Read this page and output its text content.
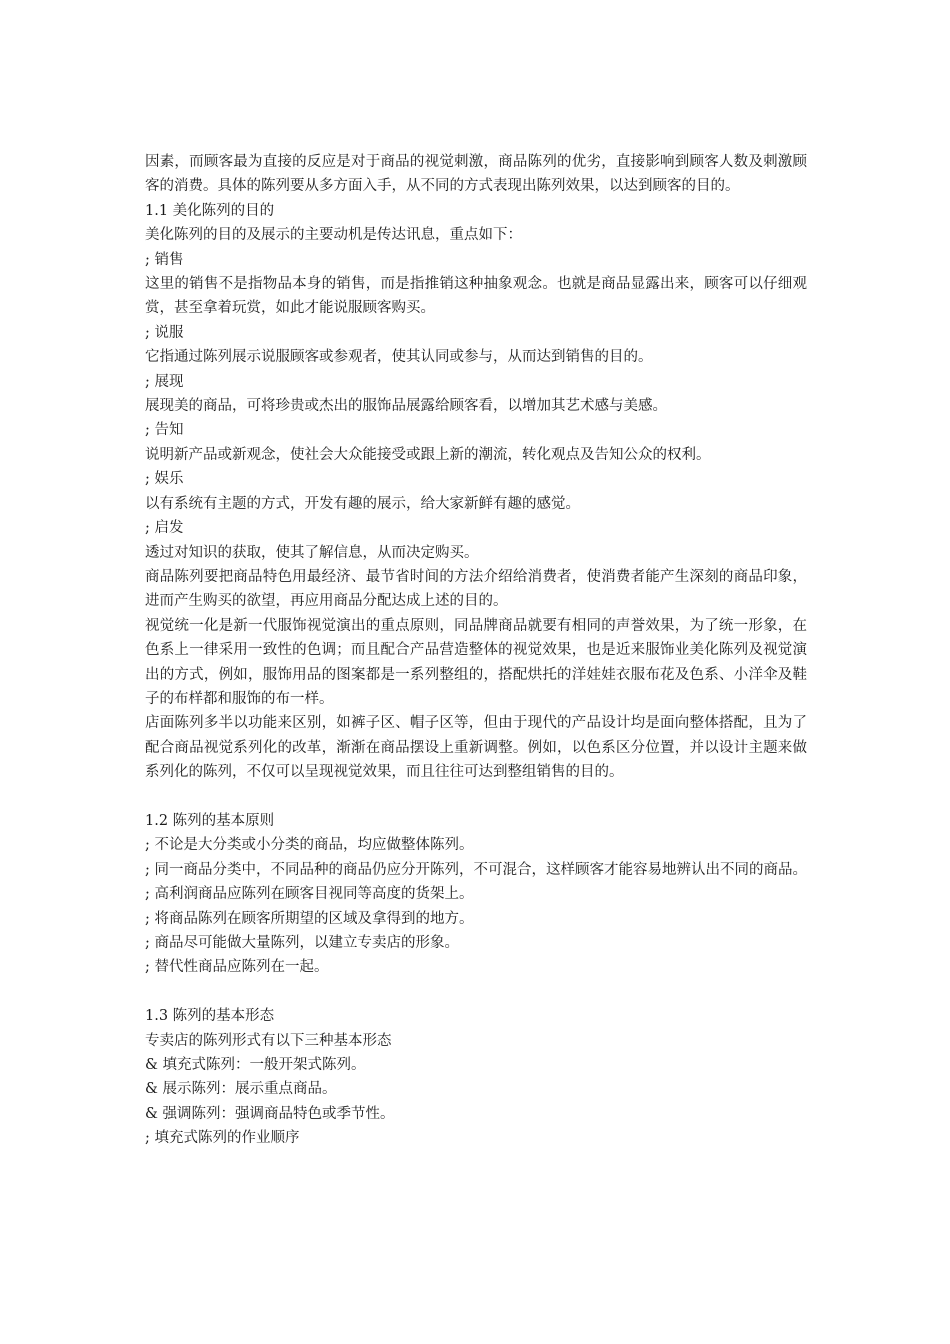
因素，而顾客最为直接的反应是对于商品的视觉刺激，商品陈列的优劣，直接影响到顾客人数及刺激顾客的消费。具体的陈列要从多方面入手，从不同的方式表现出陈列效果，以达到顾客的目的。

1.1 美化陈列的目的

美化陈列的目的及展示的主要动机是传达讯息，重点如下：

; 销售

这里的销售不是指物品本身的销售，而是指推销这种抽象观念。也就是商品显露出来，顾客可以仔细观赏，甚至拿着玩赏，如此才能说服顾客购买。

; 说服

它指通过陈列展示说服顾客或参观者，使其认同或参与，从而达到销售的目的。

; 展现

展现美的商品，可将珍贵或杰出的服饰品展露给顾客看，以增加其艺术感与美感。

; 告知

说明新产品或新观念，使社会大众能接受或跟上新的潮流，转化观点及告知公众的权利。

; 娱乐

以有系统有主题的方式，开发有趣的展示，给大家新鲜有趣的感觉。

; 启发

透过对知识的获取，使其了解信息，从而决定购买。

商品陈列要把商品特色用最经济、最节省时间的方法介绍给消费者，使消费者能产生深刻的商品印象，进而产生购买的欲望，再应用商品分配达成上述的目的。

视觉统一化是新一代服饰视觉演出的重点原则，同品牌商品就要有相同的声誉效果，为了统一形象，在色系上一律采用一致性的色调；而且配合产品营造整体的视觉效果，也是近来服饰业美化陈列及视觉演出的方式，例如，服饰用品的图案都是一系列整组的，搭配烘托的洋娃娃衣服布花及色系、小洋伞及鞋子的布样都和服饰的布一样。

店面陈列多半以功能来区别，如裤子区、帽子区等，但由于现代的产品设计均是面向整体搭配，且为了配合商品视觉系列化的改革，渐渐在商品摆设上重新调整。例如，以色系区分位置，并以设计主题来做系列化的陈列，不仅可以呈现视觉效果，而且往往可达到整组销售的目的。

1.2 陈列的基本原则

; 不论是大分类或小分类的商品，均应做整体陈列。

; 同一商品分类中，不同品种的商品仍应分开陈列，不可混合，这样顾客才能容易地辨认出不同的商品。

; 高利润商品应陈列在顾客目视同等高度的货架上。

; 将商品陈列在顾客所期望的区域及拿得到的地方。

; 商品尽可能做大量陈列，以建立专卖店的形象。

; 替代性商品应陈列在一起。

1.3 陈列的基本形态

专卖店的陈列形式有以下三种基本形态

& 填充式陈列：一般开架式陈列。

& 展示陈列：展示重点商品。

& 强调陈列：强调商品特色或季节性。

; 填充式陈列的作业顺序
